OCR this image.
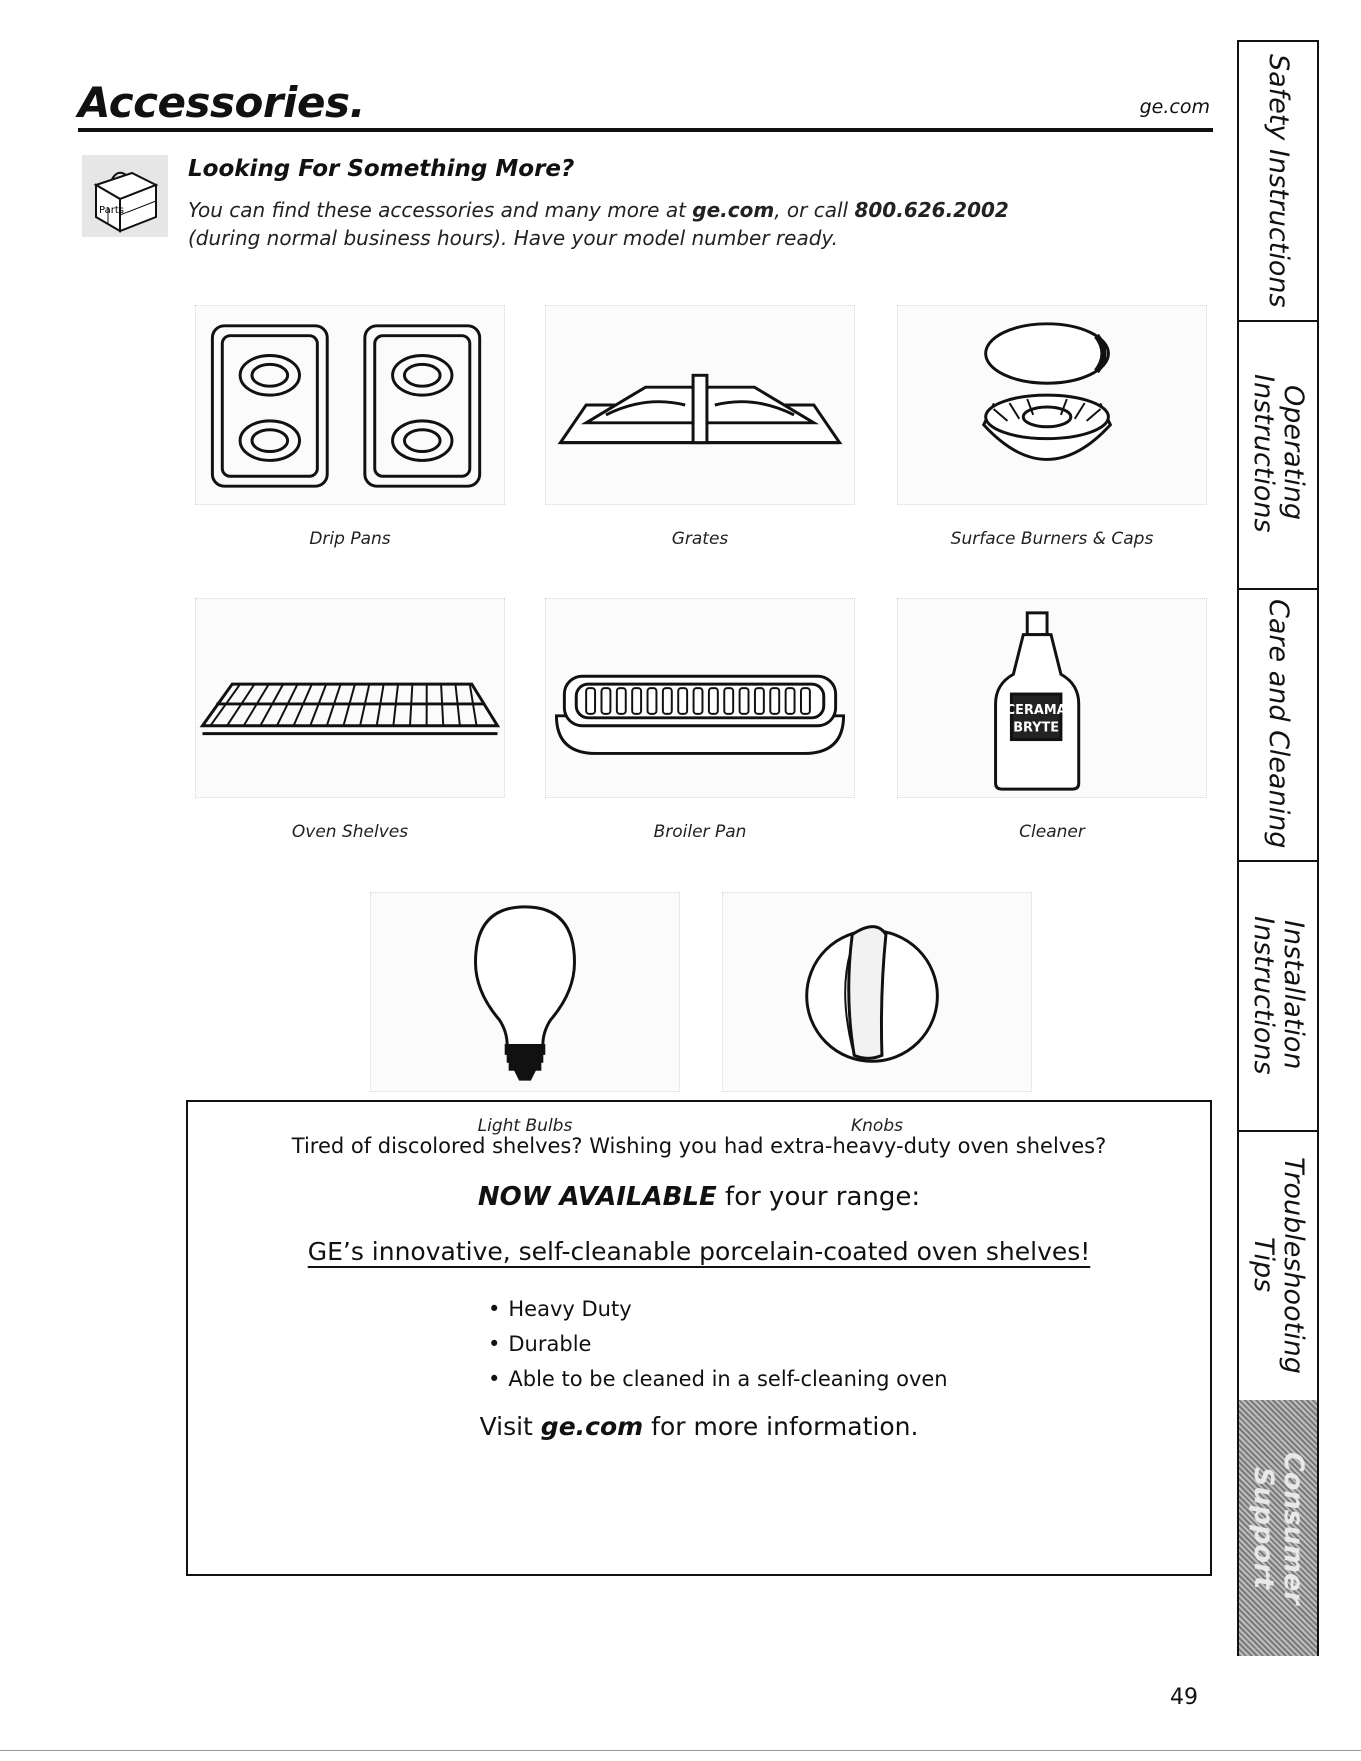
Accessories.	ge.com
Parts
Looking For Something More?
You can find these accessories and many more at ge.com, or call 800.626.2002
(during normal business hours). Have your model number ready.
Drip Pans	Grates	Surface Burners & Caps
Oven Shelves	Broiler Pan
CERAMA
BRYTE
Cleaner
Light Bulbs	Knobs
Tired of discolored shelves? Wishing you had extra-heavy-duty oven shelves?
NOW AVAILABLE for your range:
GE’s innovative, self-cleanable porcelain-coated oven shelves!
• Heavy Duty
• Durable
• Able to be cleaned in a self-cleaning oven
Visit ge.com for more information.
49
Safety Instructions
Operating
Instructions
Care and Cleaning
Installation
Instructions
Troubleshooting
Tips
Consumer Support
